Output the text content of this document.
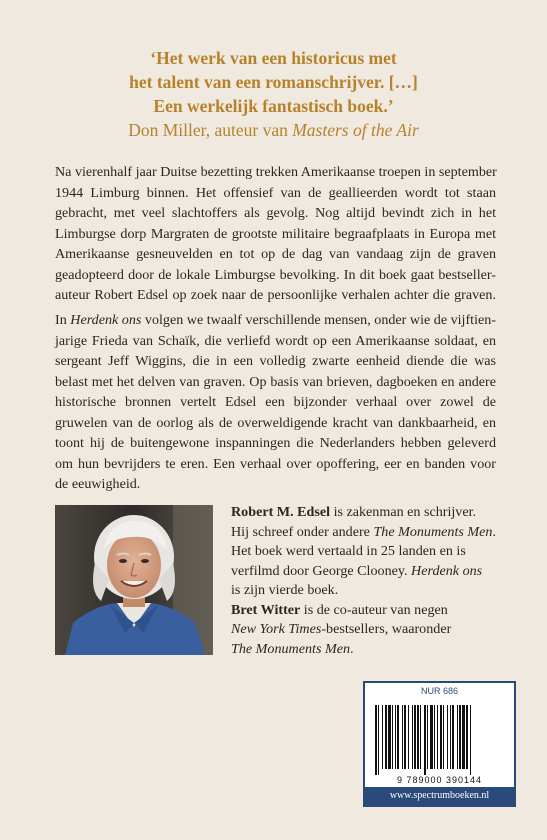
‘Het werk van een historicus met
het talent van een romanschrijver. […]
Een werkelijk fantastisch boek.’
Don Miller, auteur van Masters of the Air
Na vierenhalf jaar Duitse bezetting trekken Amerikaanse troepen in september
1944 Limburg binnen. Het offensief van de geallieerden wordt tot staan
gebracht, met veel slachtoffers als gevolg. Nog altijd bevindt zich in het
Limburgse dorp Margraten de grootste militaire begraafplaats in Europa met
Amerikaanse gesneuvelden en tot op de dag van vandaag zijn de graven
geadopteerd door de lokale Limburgse bevolking. In dit boek gaat bestseller-
auteur Robert Edsel op zoek naar de persoonlijke verhalen achter die graven.
In Herdenk ons volgen we twaalf verschillende mensen, onder wie de vijftien-
jarige Frieda van Schaïk, die verliefd wordt op een Amerikaanse soldaat, en
sergeant Jeff Wiggins, die in een volledig zwarte eenheid diende die was
belast met het delven van graven. Op basis van brieven, dagboeken en andere
historische bronnen vertelt Edsel een bijzonder verhaal over zowel de
gruwelen van de oorlog als de overweldigende kracht van dankbaarheid, en
toont hij de buitengewone inspanningen die Nederlanders hebben geleverd
om hun bevrijders te eren. Een verhaal over opoffering, eer en banden voor
de eeuwigheid.
Robert M. Edsel is zakenman en schrijver.
Hij schreef onder andere The Monuments Men.
Het boek werd vertaald in 25 landen en is
verfilmd door George Clooney. Herdenk ons
is zijn vierde boek.
Bret Witter is de co-auteur van negen
New York Times-bestsellers, waaronder
The Monuments Men.
NUR 686
9 789000 390144
www.spectrumboeken.nl
